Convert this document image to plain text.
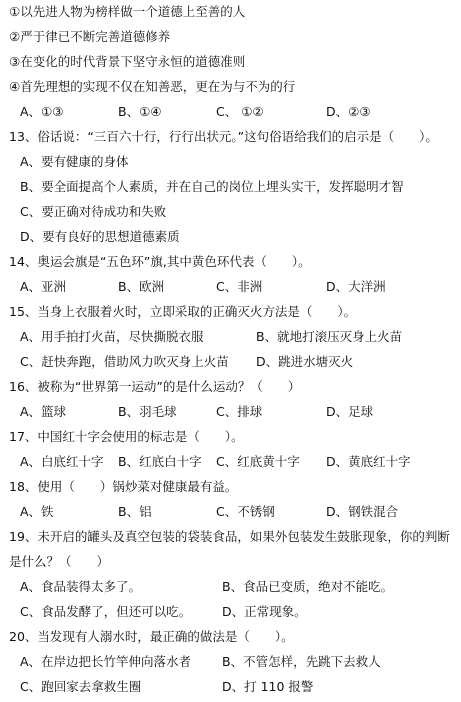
①以先进人物为榜样做一个道德上至善的人
②严于律已不断完善道德修养
③在变化的时代背景下坚守永恒的道德准则
④首先理想的实现不仅在知善恶，更在为与不为的行
A、①③	B、①④	C、 ①②	D、②③
13、俗话说：“三百六十行，行行出状元。”这句俗语给我们的启示是（　　）。
A、要有健康的身体
B、要全面提高个人素质，并在自己的岗位上埋头实干，发挥聪明才智
C、要正确对待成功和失败
D、要有良好的思想道德素质
14、奥运会旗是“五色环”旗,其中黄色环代表（　　）。
A、亚洲	B、欧洲	C、非洲	D、大洋洲
15、当身上衣服着火时，立即采取的正确灭火方法是（　　）。
A、用手拍打火苗，尽快撕脱衣服	B、就地打滚压灭身上火苗
C、赶快奔跑，借助风力吹灭身上火苗 D、跳进水塘灭火
16、被称为“世界第一运动”的是什么运动？（　　）
A、篮球	B、羽毛球	C、排球	D、足球
17、中国红十字会使用的标志是（　　）。
A、白底红十字 B、红底白十字 C、红底黄十字 D、黄底红十字
18、使用（　　）锅炒菜对健康最有益。
A、铁	B、铝	C、不锈钢	D、钢铁混合
19、未开启的罐头及真空包装的袋装食品，如果外包装发生鼓胀现象，你的判断
是什么？（　　）
A、食品装得太多了。	B、食品已变质，绝对不能吃。
C、食品发酵了，但还可以吃。 D、正常现象。
20、当发现有人溺水时，最正确的做法是（　　）。
A、在岸边把长竹竿伸向落水者 B、不管怎样，先跳下去救人
C、跑回家去拿救生圈	D、打 110 报警
